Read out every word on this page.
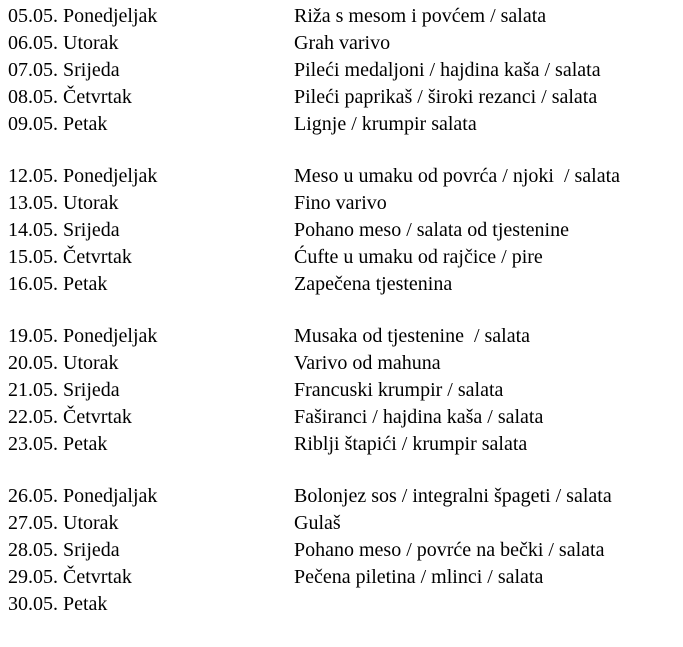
05.05. Ponedjeljak	Riža s mesom i povćem / salata
06.05. Utorak	Grah varivo
07.05. Srijeda	Pileći medaljoni / hajdina kaša / salata
08.05. Četvrtak	Pileći paprikaš / široki rezanci / salata
09.05. Petak	Lignje / krumpir salata
12.05. Ponedjeljak	Meso u umaku od povrća / njoki  / salata
13.05. Utorak	Fino varivo
14.05. Srijeda	Pohano meso / salata od tjestenine
15.05. Četvrtak	Ćufte u umaku od rajčice / pire
16.05. Petak	Zapečena tjestenina
19.05. Ponedjeljak	Musaka od tjestenine  / salata
20.05. Utorak	Varivo od mahuna
21.05. Srijeda	Francuski krumpir / salata
22.05. Četvrtak	Faširanci / hajdina kaša / salata
23.05. Petak	Riblji štapići / krumpir salata
26.05. Ponedjaljak	Bolonjez sos / integralni špageti / salata
27.05. Utorak	Gulaš
28.05. Srijeda	Pohano meso / povrće na bečki / salata
29.05. Četvrtak	Pečena piletina / mlinci / salata
30.05. Petak
